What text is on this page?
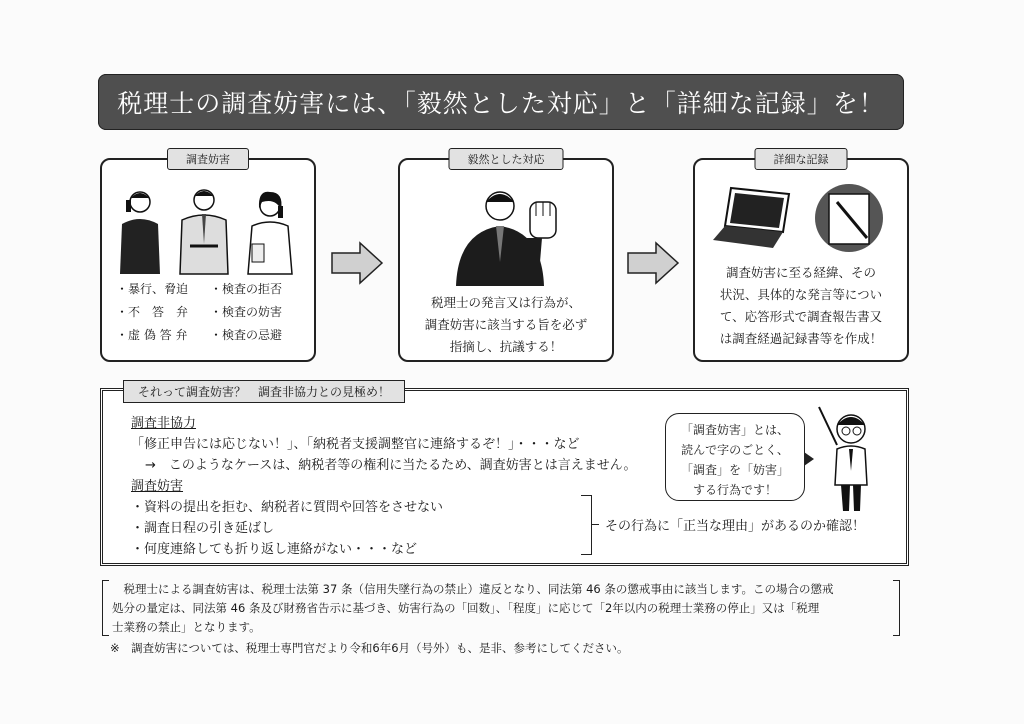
税理士の調査妨害には、「毅然とした対応」と「詳細な記録」を！
調査妨害
・暴行、脅迫	・検査の拒否
・不　答　弁	・検査の妨害
・虚 偽 答 弁	・検査の忌避
毅然とした対応
税理士の発言又は行為が、
調査妨害に該当する旨を必ず
指摘し、抗議する！
詳細な記録
調査妨害に至る経緯、その
状況、具体的な発言等につい
て、応答形式で調査報告書又
は調査経過記録書等を作成！
それって調査妨害？　調査非協力との見極め！
調査非協力
「修正申告には応じない！」、「納税者支援調整官に連絡するぞ！」・・・など
→　このようなケースは、納税者等の権利に当たるため、調査妨害とは言えません。
調査妨害
・資料の提出を拒む、納税者に質問や回答をさせない
・調査日程の引き延ばし
・何度連絡しても折り返し連絡がない・・・など
その行為に「正当な理由」があるのか確認！
「調査妨害」とは、
読んで字のごとく、
「調査」を「妨害」
する行為です！
　税理士による調査妨害は、税理士法第 37 条（信用失墜行為の禁止）違反となり、同法第 46 条の懲戒事由に該当します。この場合の懲戒
処分の量定は、同法第 46 条及び財務省告示に基づき、妨害行為の「回数」、「程度」に応じて「2年以内の税理士業務の停止」又は「税理
士業務の禁止」となります。
※　調査妨害については、税理士専門官だより令和6年6月（号外）も、是非、参考にしてください。
